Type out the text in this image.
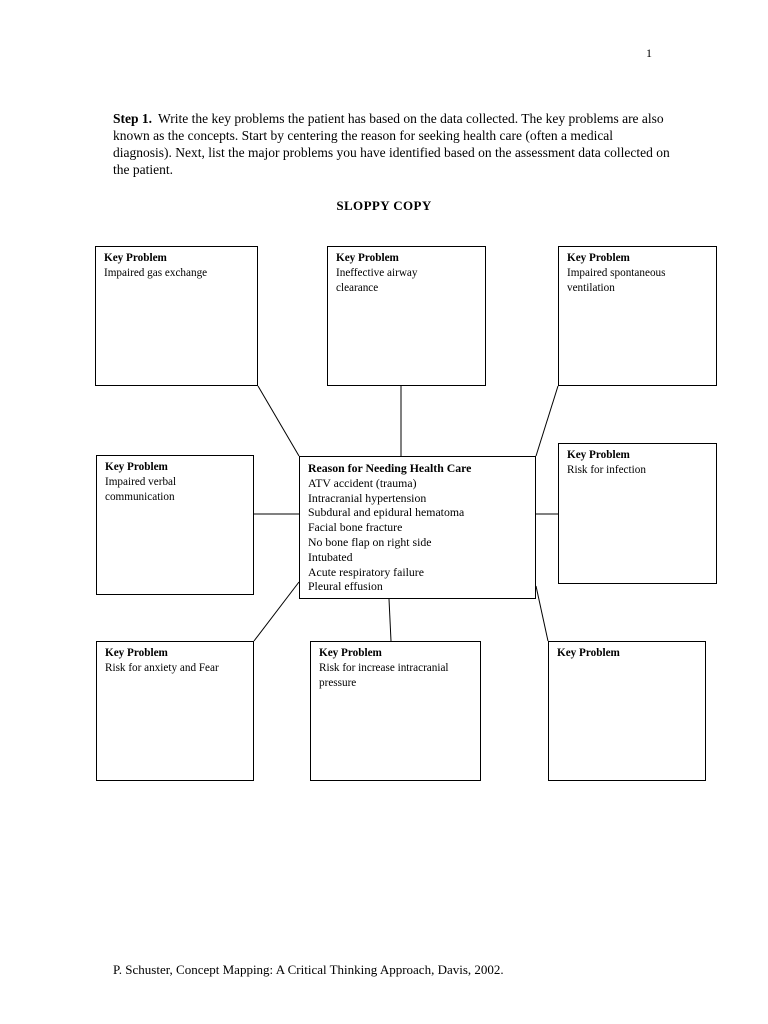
1
Step 1. Write the key problems the patient has based on the data collected. The key problems are also known as the concepts. Start by centering the reason for seeking health care (often a medical diagnosis). Next, list the major problems you have identified based on the assessment data collected on the patient.
SLOPPY COPY
Key Problem
Impaired gas exchange
Key Problem
Ineffective airway
clearance
Key Problem
Impaired spontaneous
ventilation
Key Problem
Impaired verbal
communication
Reason for Needing Health Care
ATV accident (trauma)
Intracranial hypertension
Subdural and epidural hematoma
Facial bone fracture
No bone flap on right side
Intubated
Acute respiratory failure
Pleural effusion
Key Problem
Risk for infection
Key Problem
Risk for anxiety and Fear
Key Problem
Risk for increase intracranial
pressure
Key Problem
P. Schuster, Concept Mapping: A Critical Thinking Approach, Davis, 2002.
